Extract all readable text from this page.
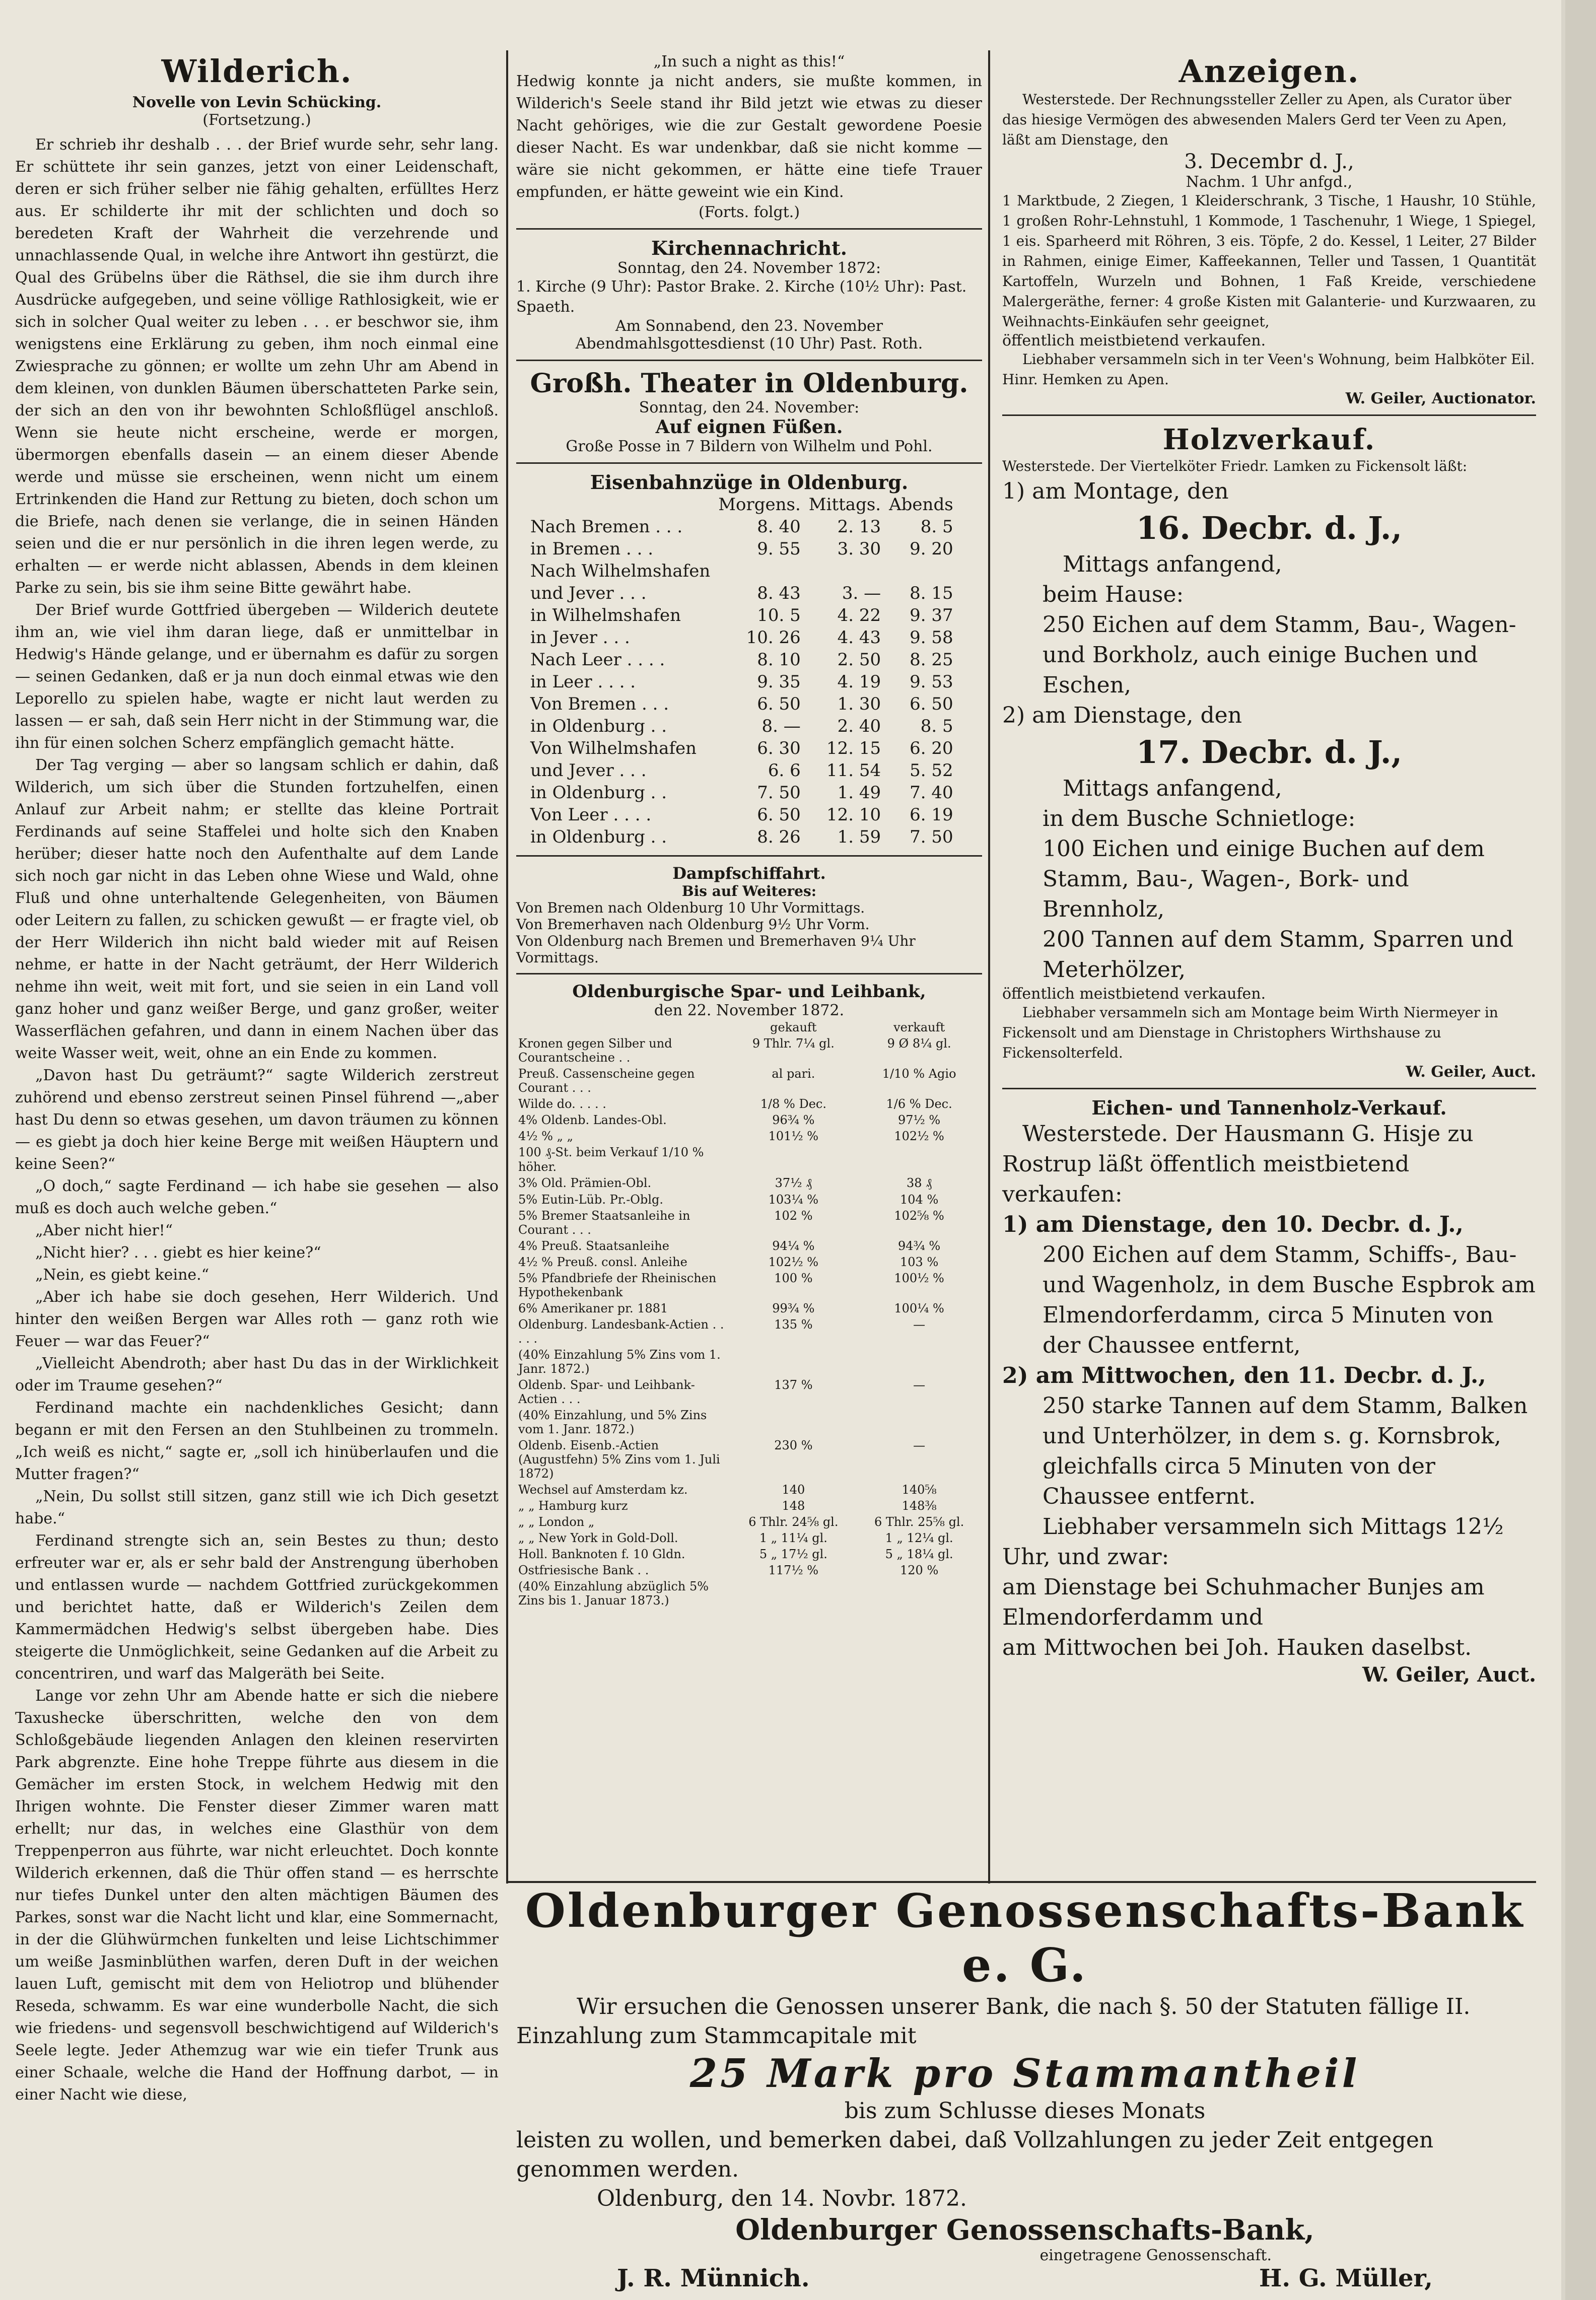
Wilderich.
Novelle von Levin Schücking.
(Fortsetzung.)

Er schrieb ihr deshalb . . . der Brief wurde sehr, sehr lang. Er schüttete ihr sein ganzes, jetzt von einer Leidenschaft, deren er sich früher selber nie fähig gehalten, erfülltes Herz aus. Er schilderte ihr mit der schlichten und doch so beredeten Kraft der Wahrheit die verzehrende und unnachlassende Qual, in welche ihre Antwort ihn gestürzt, die Qual des Grübelns über die Räthsel, die sie ihm durch ihre Ausdrücke aufgegeben, und seine völlige Rathlosigkeit, wie er sich in solcher Qual weiter zu leben . . . er beschwor sie, ihm wenigstens eine Erklärung zu geben, ihm noch einmal eine Zwiesprache zu gönnen; er wollte um zehn Uhr am Abend in dem kleinen, von dunklen Bäumen überschatteten Parke sein, der sich an den von ihr bewohnten Schloßflügel anschloß. Wenn sie heute nicht erscheine, werde er morgen, übermorgen ebenfalls dasein — an einem dieser Abende werde und müsse sie erscheinen, wenn nicht um einem Ertrinkenden die Hand zur Rettung zu bieten, doch schon um die Briefe, nach denen sie verlange, die in seinen Händen seien und die er nur persönlich in die ihren legen werde, zu erhalten — er werde nicht ablassen, Abends in dem kleinen Parke zu sein, bis sie ihm seine Bitte gewährt habe.

Der Brief wurde Gottfried übergeben — Wilderich deutete ihm an, wie viel ihm daran liege, daß er unmittelbar in Hedwig's Hände gelange, und er übernahm es dafür zu sorgen — seinen Gedanken, daß er ja nun doch einmal etwas wie den Leporello zu spielen habe, wagte er nicht laut werden zu lassen — er sah, daß sein Herr nicht in der Stimmung war, die ihn für einen solchen Scherz empfänglich gemacht hätte.

Der Tag verging — aber so langsam schlich er dahin, daß Wilderich, um sich über die Stunden fortzuhelfen, einen Anlauf zur Arbeit nahm; er stellte das kleine Portrait Ferdinands auf seine Staffelei und holte sich den Knaben herüber; dieser hatte noch den Aufenthalte auf dem Lande sich noch gar nicht in das Leben ohne Wiese und Wald, ohne Fluß und ohne unterhaltende Gelegenheiten, von Bäumen oder Leitern zu fallen, zu schicken gewußt — er fragte viel, ob der Herr Wilderich ihn nicht bald wieder mit auf Reisen nehme, er hatte in der Nacht geträumt, der Herr Wilderich nehme ihn weit, weit mit fort, und sie seien in ein Land voll ganz hoher und ganz weißer Berge, und ganz großer, weiter Wasserflächen gefahren, und dann in einem Nachen über das weite Wasser weit, weit, ohne an ein Ende zu kommen.

„Davon hast Du geträumt?“ sagte Wilderich zerstreut zuhörend und ebenso zerstreut seinen Pinsel führend —„aber hast Du denn so etwas gesehen, um davon träumen zu können — es giebt ja doch hier keine Berge mit weißen Häuptern und keine Seen?“

„O doch,“ sagte Ferdinand — ich habe sie gesehen — also muß es doch auch welche geben.“

„Aber nicht hier!“

„Nicht hier? . . . giebt es hier keine?“

„Nein, es giebt keine.“

„Aber ich habe sie doch gesehen, Herr Wilderich. Und hinter den weißen Bergen war Alles roth — ganz roth wie Feuer — war das Feuer?“

„Vielleicht Abendroth; aber hast Du das in der Wirklichkeit oder im Traume gesehen?“

Ferdinand machte ein nachdenkliches Gesicht; dann begann er mit den Fersen an den Stuhlbeinen zu trommeln. „Ich weiß es nicht,“ sagte er, „soll ich hinüberlaufen und die Mutter fragen?“

„Nein, Du sollst still sitzen, ganz still wie ich Dich gesetzt habe.“

Ferdinand strengte sich an, sein Bestes zu thun; desto erfreuter war er, als er sehr bald der Anstrengung überhoben und entlassen wurde — nachdem Gottfried zurückgekommen und berichtet hatte, daß er Wilderich's Zeilen dem Kammermädchen Hedwig's selbst übergeben habe. Dies steigerte die Unmöglichkeit, seine Gedanken auf die Arbeit zu concentriren, und warf das Malgeräth bei Seite.

Lange vor zehn Uhr am Abende hatte er sich die niebere Taxushecke überschritten, welche den von dem Schloßgebäude liegenden Anlagen den kleinen reservirten Park abgrenzte. Eine hohe Treppe führte aus diesem in die Gemächer im ersten Stock, in welchem Hedwig mit den Ihrigen wohnte. Die Fenster dieser Zimmer waren matt erhellt; nur das, in welches eine Glasthür von dem Treppenperron aus führte, war nicht erleuchtet. Doch konnte Wilderich erkennen, daß die Thür offen stand — es herrschte nur tiefes Dunkel unter den alten mächtigen Bäumen des Parkes, sonst war die Nacht licht und klar, eine Sommernacht, in der die Glühwürmchen funkelten und leise Lichtschimmer um weiße Jasminblüthen warfen, deren Duft in der weichen lauen Luft, gemischt mit dem von Heliotrop und blühender Reseda, schwamm. Es war eine wunderbolle Nacht, die sich wie friedens- und segensvoll beschwichtigend auf Wilderich's Seele legte. Jeder Athemzug war wie ein tiefer Trunk aus einer Schaale, welche die Hand der Hoffnung darbot, — in einer Nacht wie diese,

„In such a night as this!“

Hedwig konnte ja nicht anders, sie mußte kommen, in Wilderich's Seele stand ihr Bild jetzt wie etwas zu dieser Nacht gehöriges, wie die zur Gestalt gewordene Poesie dieser Nacht. Es war undenkbar, daß sie nicht komme — wäre sie nicht gekommen, er hätte eine tiefe Trauer empfunden, er hätte geweint wie ein Kind.

(Forts. folgt.)
Kirchennachricht.
Sonntag, den 24. November 1872:
1. Kirche (9 Uhr): Pastor Brake. 2. Kirche (10½ Uhr): Past. Spaeth.
Am Sonnabend, den 23. November
Abendmahlsgottesdienst (10 Uhr) Past. Roth.
Großh. Theater in Oldenburg.
Sonntag, den 24. November:
Auf eignen Füßen.
Große Posse in 7 Bildern von Wilhelm und Pohl.
Eisenbahnzüge in Oldenburg.
	Morgens.	Mittags.	Abends
Nach Bremen . . .	8. 40	2. 13	8. 5
in Bremen . . .	9. 55	3. 30	9. 20
Nach Wilhelmshafen			
und Jever . . .	8. 43	3. —	8. 15
in Wilhelmshafen	10. 5	4. 22	9. 37
in Jever . . .	10. 26	4. 43	9. 58
Nach Leer . . . .	8. 10	2. 50	8. 25
in Leer . . . .	9. 35	4. 19	9. 53
Von Bremen . . .	6. 50	1. 30	6. 50
in Oldenburg . .	8. —	2. 40	8. 5
Von Wilhelmshafen	6. 30	12. 15	6. 20
und Jever . . .	6. 6	11. 54	5. 52
in Oldenburg . .	7. 50	1. 49	7. 40
Von Leer . . . .	6. 50	12. 10	6. 19
in Oldenburg . .	8. 26	1. 59	7. 50
Dampfschiffahrt.
Bis auf Weiteres:
Von Bremen nach Oldenburg 10 Uhr Vormittags.
Von Bremerhaven nach Oldenburg 9½ Uhr Vorm.
Von Oldenburg nach Bremen und Bremerhaven 9¼ Uhr Vormittags.
Oldenburgische Spar- und Leihbank,
den 22. November 1872.
	gekauft	verkauft
Kronen gegen Silber und Courantscheine . .	9 Thlr. 7¼ gl.	9 Ø 8¼ gl.
Preuß. Cassenscheine gegen Courant . . .	al pari.	1/10 % Agio
Wilde do. . . . .	1/8 % Dec.	1/6 % Dec.
4% Oldenb. Landes-Obl.	96¾ %	97½ %
4½ % „ „	101½ %	102½ %
100 ₰-St. beim Verkauf 1/10 % höher.		
3% Old. Prämien-Obl.	37½ ₰	38 ₰
5% Eutin-Lüb. Pr.-Oblg.	103¼ %	104 %
5% Bremer Staatsanleihe in Courant . . .	102 %	102⅝ %
4% Preuß. Staatsanleihe	94¼ %	94¾ %
4½ % Preuß. consl. Anleihe	102½ %	103 %
5% Pfandbriefe der Rheinischen Hypothekenbank	100 %	100½ %
6% Amerikaner pr. 1881	99¾ %	100¼ %
Oldenburg. Landesbank-Actien . . . . .	135 %	—
(40% Einzahlung 5% Zins vom 1. Janr. 1872.)		
Oldenb. Spar- und Leihbank-Actien . . .	137 %	—
(40% Einzahlung, und 5% Zins vom 1. Janr. 1872.)		
Oldenb. Eisenb.-Actien (Augustfehn) 5% Zins vom 1. Juli 1872)	230 %	—
Wechsel auf Amsterdam kz.	140	140⅝
„ „ Hamburg kurz	148	148⅜
„ „ London „	6 Thlr. 24⅝ gl.	6 Thlr. 25⅝ gl.
„ „ New York in Gold-Doll.	1 „ 11¼ gl.	1 „ 12¼ gl.
Holl. Banknoten f. 10 Gldn.	5 „ 17½ gl.	5 „ 18¼ gl.
Ostfriesische Bank . .	117½ %	120 %
(40% Einzahlung abzüglich 5% Zins bis 1. Januar 1873.)		
Anzeigen.

Westerstede. Der Rechnungssteller Zeller zu Apen, als Curator über das hiesige Vermögen des abwesenden Malers Gerd ter Veen zu Apen, läßt am Dienstage, den

3. Decembr d. J.,
Nachm. 1 Uhr anfgd.,

1 Marktbude, 2 Ziegen, 1 Kleiderschrank, 3 Tische, 1 Haushr, 10 Stühle, 1 großen Rohr-Lehnstuhl, 1 Kommode, 1 Taschenuhr, 1 Wiege, 1 Spiegel, 1 eis. Sparheerd mit Röhren, 3 eis. Töpfe, 2 do. Kessel, 1 Leiter, 27 Bilder in Rahmen, einige Eimer, Kaffeekannen, Teller und Tassen, 1 Quantität Kartoffeln, Wurzeln und Bohnen, 1 Faß Kreide, verschiedene Malergeräthe, ferner: 4 große Kisten mit Galanterie- und Kurzwaaren, zu Weihnachts-Einkäufen sehr geeignet,

öffentlich meistbietend verkaufen.

Liebhaber versammeln sich in ter Veen's Wohnung, beim Halbköter Eil. Hinr. Hemken zu Apen.

W. Geiler, Auctionator.
Holzverkauf.

Westerstede. Der Viertelköter Friedr. Lamken zu Fickensolt läßt:

1) am Montage, den

16. Decbr. d. J.,

Mittags anfangend,

beim Hause:

250 Eichen auf dem Stamm, Bau-, Wagen- und Borkholz, auch einige Buchen und Eschen,

2) am Dienstage, den

17. Decbr. d. J.,

Mittags anfangend,

in dem Busche Schnietloge:

100 Eichen und einige Buchen auf dem Stamm, Bau-, Wagen-, Bork- und Brennholz,

200 Tannen auf dem Stamm, Sparren und Meterhölzer,

öffentlich meistbietend verkaufen.

Liebhaber versammeln sich am Montage beim Wirth Niermeyer in Fickensolt und am Dienstage in Christophers Wirthshause zu Fickensolterfeld.

W. Geiler, Auct.
Eichen- und Tannenholz-Verkauf.

Westerstede. Der Hausmann G. Hisje zu Rostrup läßt öffentlich meistbietend verkaufen:

1) am Dienstage, den 10. Decbr. d. J.,

200 Eichen auf dem Stamm, Schiffs-, Bau- und Wagenholz, in dem Busche Espbrok am Elmendorferdamm, circa 5 Minuten von der Chaussee entfernt,

2) am Mittwochen, den 11. Decbr. d. J.,

250 starke Tannen auf dem Stamm, Balken und Unterhölzer, in dem s. g. Kornsbrok, gleichfalls circa 5 Minuten von der Chaussee entfernt.

Liebhaber versammeln sich Mittags 12½ Uhr, und zwar:

am Dienstage bei Schuhmacher Bunjes am Elmendorferdamm und

am Mittwochen bei Joh. Hauken daselbst.

W. Geiler, Auct.
Oldenburger Genossenschafts-Bank e. G.

Wir ersuchen die Genossen unserer Bank, die nach §. 50 der Statuten fällige II. Einzahlung zum Stammcapitale mit

25 Mark pro Stammantheil

bis zum Schlusse dieses Monats

leisten zu wollen, und bemerken dabei, daß Vollzahlungen zu jeder Zeit entgegen genommen werden.

Oldenburg, den 14. Novbr. 1872.

Oldenburger Genossenschafts-Bank,
eingetragene Genossenschaft.
J. R. Münnich.	H. G. Müller,
